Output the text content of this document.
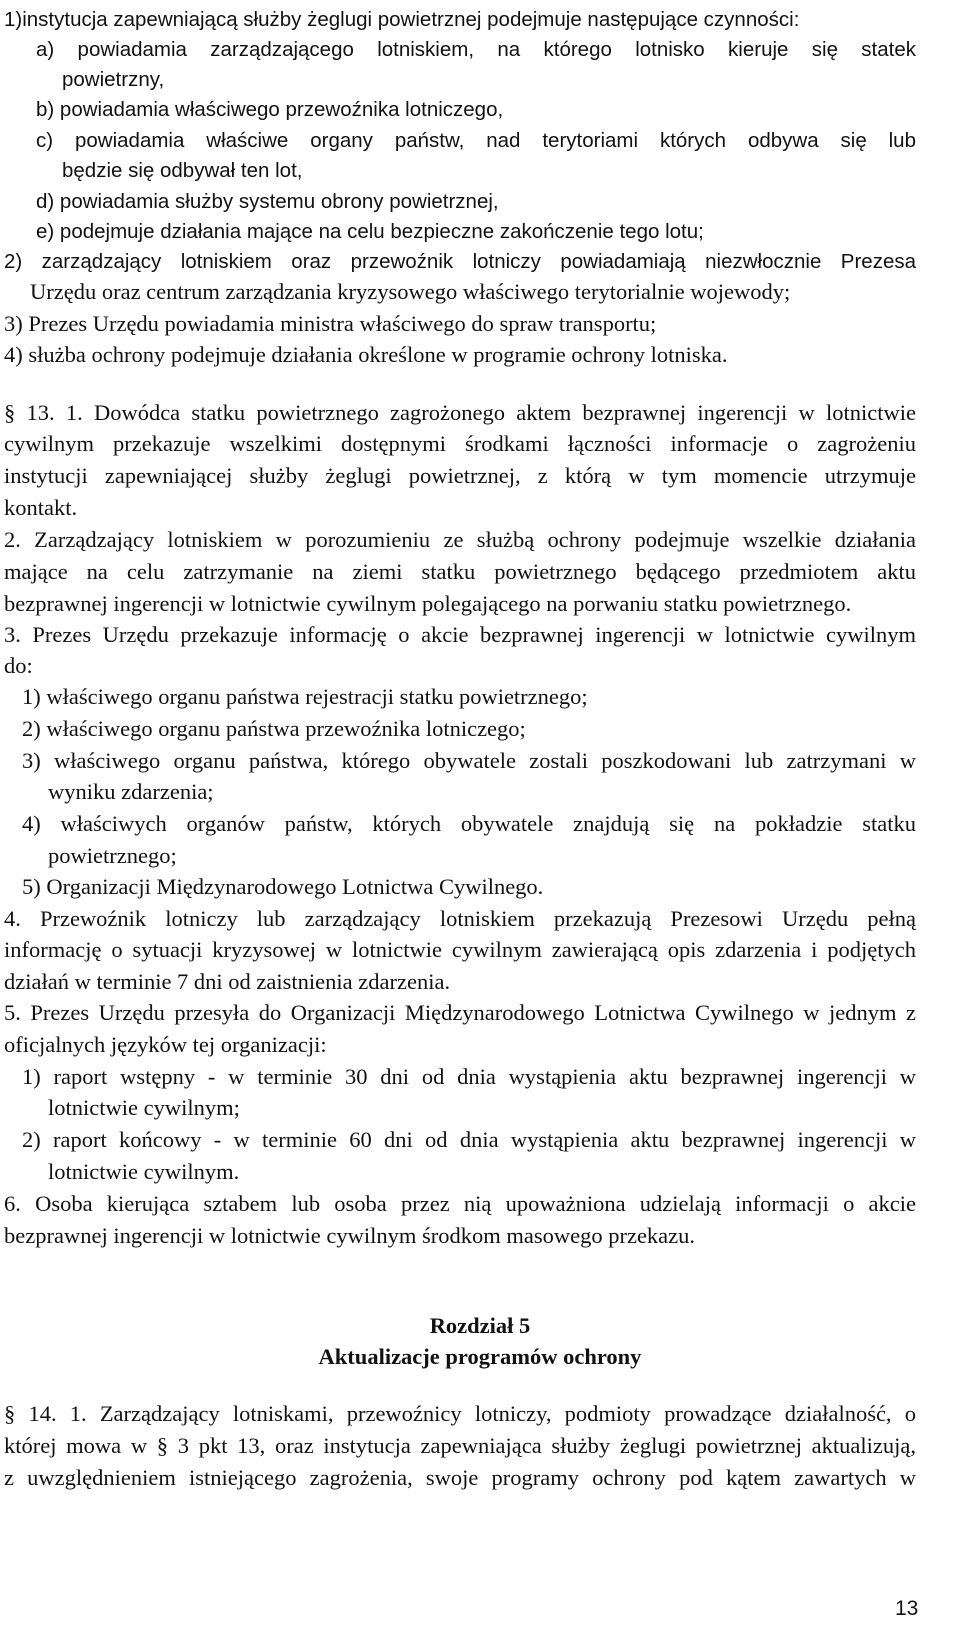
1)instytucja zapewniającą służby żeglugi powietrznej podejmuje następujące czynności:
a) powiadamia zarządzającego lotniskiem, na którego lotnisko kieruje się statek
powietrzny,
b) powiadamia właściwego przewoźnika lotniczego,
c) powiadamia właściwe organy państw, nad terytoriami których odbywa się lub
będzie się odbywał ten lot,
d) powiadamia służby systemu obrony powietrznej,
e) podejmuje działania mające na celu bezpieczne zakończenie tego lotu;
2) zarządzający lotniskiem oraz przewoźnik lotniczy powiadamiają niezwłocznie Prezesa
Urzędu oraz centrum zarządzania kryzysowego właściwego terytorialnie wojewody;
3) Prezes Urzędu powiadamia ministra właściwego do spraw transportu;
4) służba ochrony podejmuje działania określone w programie ochrony lotniska.
§ 13. 1. Dowódca statku powietrznego zagrożonego aktem bezprawnej ingerencji w lotnictwie
cywilnym przekazuje wszelkimi dostępnymi środkami łączności informacje o zagrożeniu
instytucji zapewniającej służby żeglugi powietrznej, z którą w tym momencie utrzymuje
kontakt.
2. Zarządzający lotniskiem w porozumieniu ze służbą ochrony podejmuje wszelkie działania
mające na celu zatrzymanie na ziemi statku powietrznego będącego przedmiotem aktu
bezprawnej ingerencji w lotnictwie cywilnym polegającego na porwaniu statku powietrznego.
3. Prezes Urzędu przekazuje informację o akcie bezprawnej ingerencji w lotnictwie cywilnym
do:
1) właściwego organu państwa rejestracji statku powietrznego;
2) właściwego organu państwa przewoźnika lotniczego;
3) właściwego organu państwa, którego obywatele zostali poszkodowani lub zatrzymani w
wyniku zdarzenia;
4) właściwych organów państw, których obywatele znajdują się na pokładzie statku
powietrznego;
5) Organizacji Międzynarodowego Lotnictwa Cywilnego.
4. Przewoźnik lotniczy lub zarządzający lotniskiem przekazują Prezesowi Urzędu pełną
informację o sytuacji kryzysowej w lotnictwie cywilnym zawierającą opis zdarzenia i podjętych
działań w terminie 7 dni od zaistnienia zdarzenia.
5. Prezes Urzędu przesyła do Organizacji Międzynarodowego Lotnictwa Cywilnego w jednym z
oficjalnych języków tej organizacji:
1) raport wstępny - w terminie 30 dni od dnia wystąpienia aktu bezprawnej ingerencji w
lotnictwie cywilnym;
2) raport końcowy - w terminie 60 dni od dnia wystąpienia aktu bezprawnej ingerencji w
lotnictwie cywilnym.
6. Osoba kierująca sztabem lub osoba przez nią upoważniona udzielają informacji o akcie
bezprawnej ingerencji w lotnictwie cywilnym środkom masowego przekazu.
Rozdział 5
Aktualizacje programów ochrony
§ 14. 1. Zarządzający lotniskami, przewoźnicy lotniczy, podmioty prowadzące działalność, o
której mowa w § 3 pkt 13, oraz instytucja zapewniająca służby żeglugi powietrznej aktualizują,
z uwzględnieniem istniejącego zagrożenia, swoje programy ochrony pod kątem zawartych w
13
